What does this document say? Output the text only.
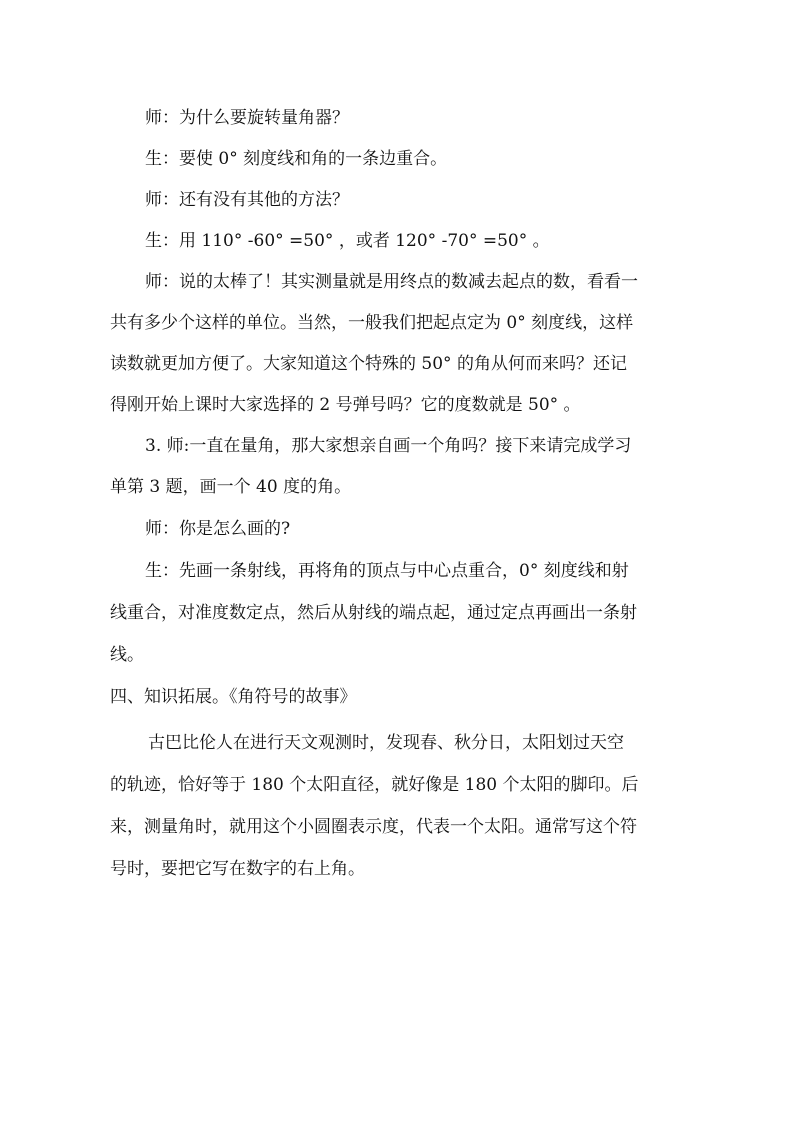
师：为什么要旋转量角器？
生：要使 0° 刻度线和角的一条边重合。
师：还有没有其他的方法？
生：用 110° -60° =50° ，或者 120° -70° =50° 。
师：说的太棒了！其实测量就是用终点的数减去起点的数，看看一
共有多少个这样的单位。当然，一般我们把起点定为 0° 刻度线，这样
读数就更加方便了。大家知道这个特殊的 50° 的角从何而来吗？还记
得刚开始上课时大家选择的 2 号弹号吗？它的度数就是 50° 。
3. 师:一直在量角，那大家想亲自画一个角吗？接下来请完成学习
单第 3 题，画一个 40 度的角。
师：你是怎么画的?
生：先画一条射线，再将角的顶点与中心点重合，0° 刻度线和射
线重合，对准度数定点，然后从射线的端点起，通过定点再画出一条射
线。
四、知识拓展。《角符号的故事》
古巴比伦人在进行天文观测时，发现春、秋分日，太阳划过天空
的轨迹，恰好等于 180 个太阳直径，就好像是 180 个太阳的脚印。后
来，测量角时，就用这个小圆圈表示度，代表一个太阳。通常写这个符
号时，要把它写在数字的右上角。
